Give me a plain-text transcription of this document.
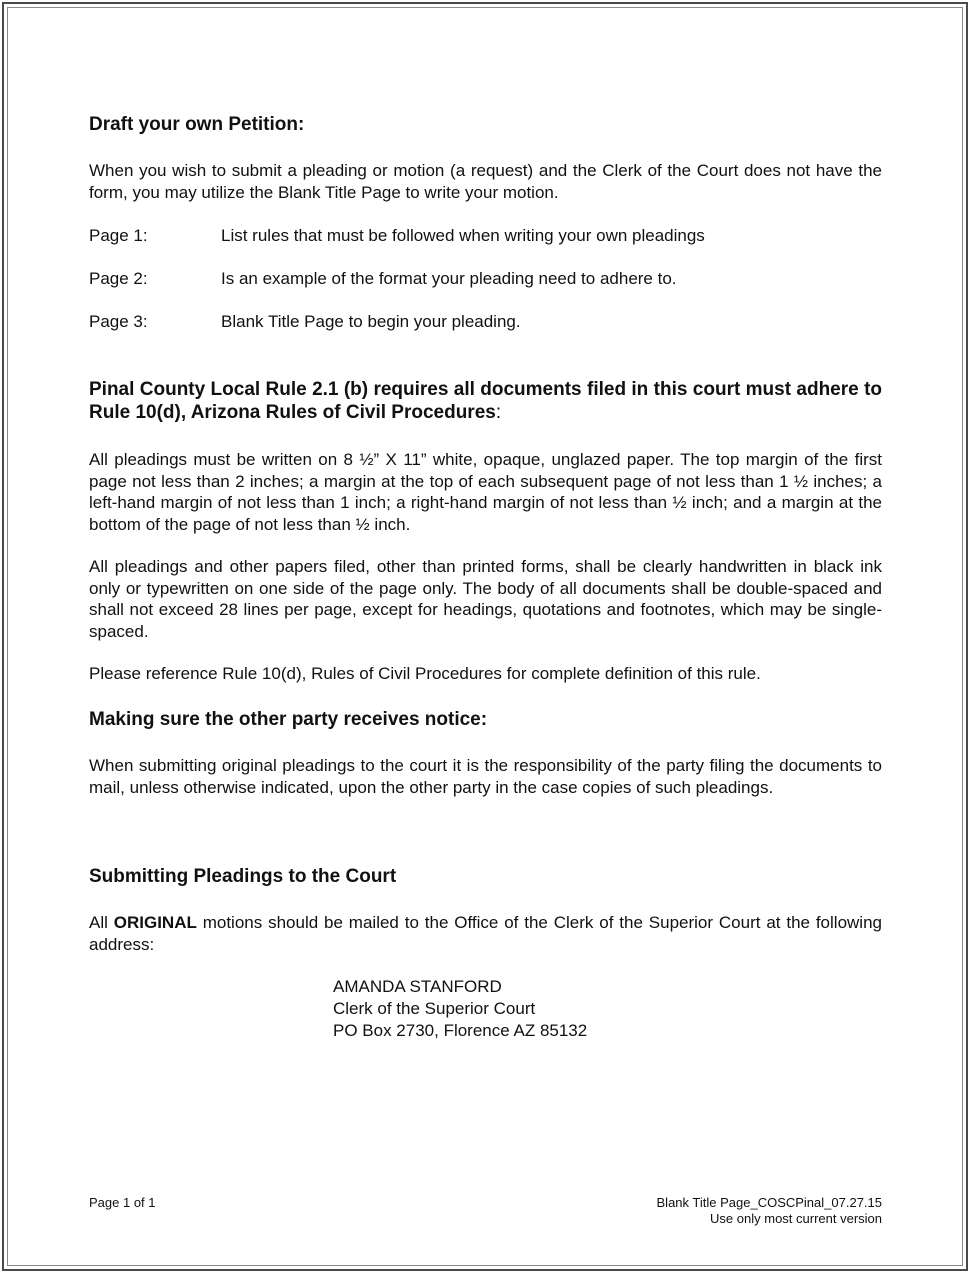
Draft your own Petition:
When you wish to submit a pleading or motion (a request) and the Clerk of the Court does not have the form, you may utilize the Blank Title Page to write your motion.
Page 1:	List rules that must be followed when writing your own pleadings
Page 2:	Is an example of the format your pleading need to adhere to.
Page 3:	Blank Title Page to begin your pleading.
Pinal County Local Rule 2.1 (b) requires all documents filed in this court must adhere to Rule 10(d), Arizona Rules of Civil Procedures:
All pleadings must be written on 8 ½” X 11” white, opaque, unglazed paper. The top margin of the first page not less than 2 inches; a margin at the top of each subsequent page of not less than 1 ½ inches; a left-hand margin of not less than 1 inch; a right-hand margin of not less than ½ inch; and a margin at the bottom of the page of not less than ½ inch.
All pleadings and other papers filed, other than printed forms, shall be clearly handwritten in black ink only or typewritten on one side of the page only. The body of all documents shall be double-spaced and shall not exceed 28 lines per page, except for headings, quotations and footnotes, which may be single-spaced.
Please reference Rule 10(d), Rules of Civil Procedures for complete definition of this rule.
Making sure the other party receives notice:
When submitting original pleadings to the court it is the responsibility of the party filing the documents to mail, unless otherwise indicated, upon the other party in the case copies of such pleadings.
Submitting Pleadings to the Court
All ORIGINAL motions should be mailed to the Office of the Clerk of the Superior Court at the following address:
AMANDA STANFORD
Clerk of the Superior Court
PO Box 2730, Florence AZ 85132
Page 1 of 1	Blank Title Page_COSCPinal_07.27.15
Use only most current version
